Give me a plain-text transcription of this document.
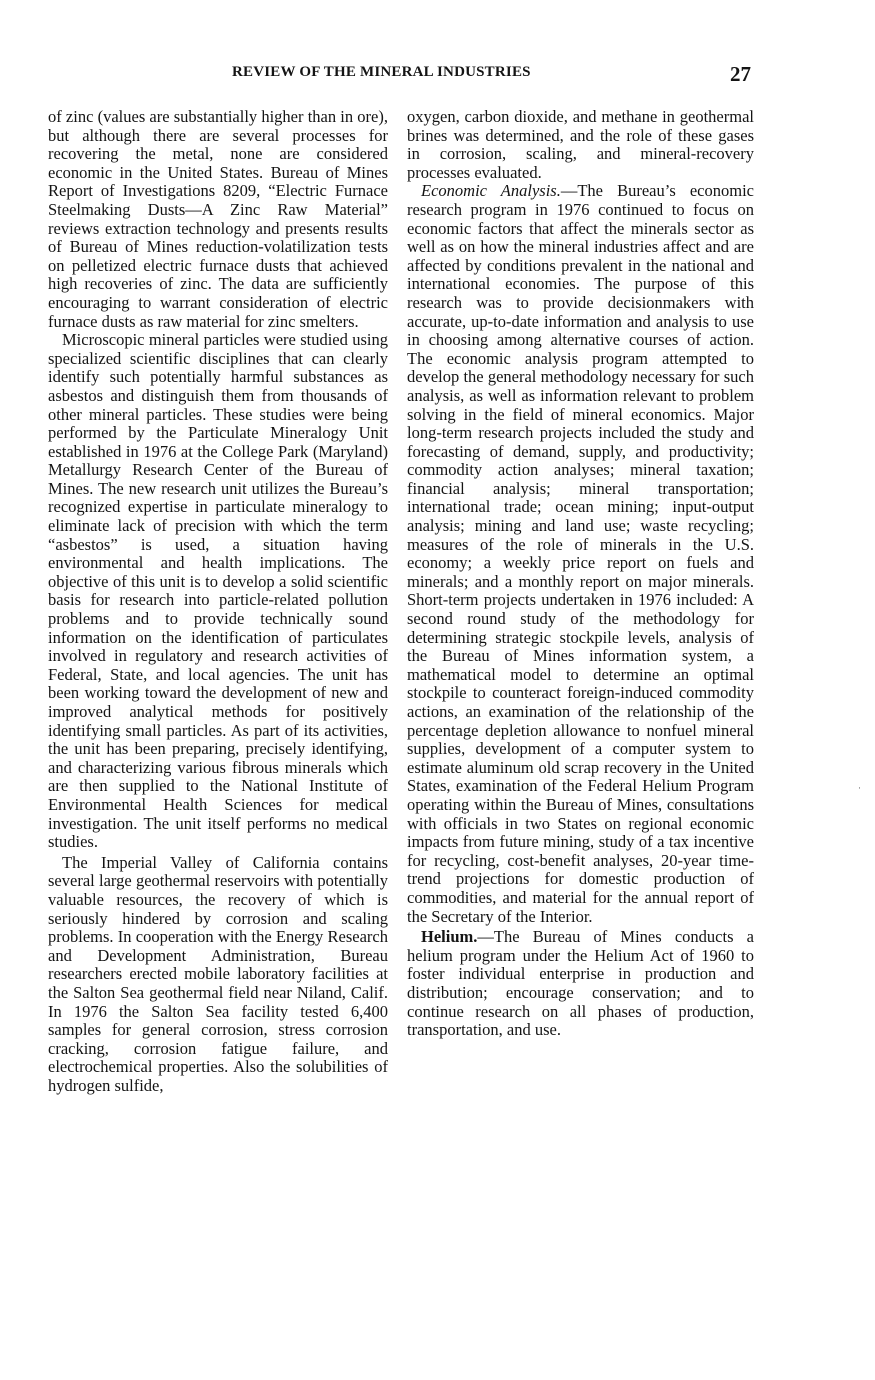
REVIEW OF THE MINERAL INDUSTRIES	27

of zinc (values are substantially higher than in ore), but although there are several processes for recovering the metal, none are considered economic in the United States. Bureau of Mines Report of Investigations 8209, “Electric Furnace Steelmaking Dusts—A Zinc Raw Material” reviews extraction technology and presents results of Bureau of Mines reduction-volatilization tests on pelletized electric furnace dusts that achieved high recoveries of zinc. The data are sufficiently encouraging to warrant consideration of electric furnace dusts as raw material for zinc smelters.

Microscopic mineral particles were studied using specialized scientific disciplines that can clearly identify such potentially harmful substances as asbestos and distinguish them from thousands of other mineral particles. These studies were being performed by the Particulate Mineralogy Unit established in 1976 at the College Park (Maryland) Metallurgy Research Center of the Bureau of Mines. The new research unit utilizes the Bureau’s recognized expertise in particulate mineralogy to eliminate lack of precision with which the term “asbestos” is used, a situation having environmental and health implications. The objective of this unit is to develop a solid scientific basis for research into particle-related pollution problems and to provide technically sound information on the identification of particulates involved in regulatory and research activities of Federal, State, and local agencies. The unit has been working toward the development of new and improved analytical methods for positively identifying small particles. As part of its activities, the unit has been preparing, precisely identifying, and characterizing various fibrous minerals which are then supplied to the National Institute of Environmental Health Sciences for medical investigation. The unit itself performs no medical studies.

The Imperial Valley of California contains several large geothermal reservoirs with potentially valuable resources, the recovery of which is seriously hindered by corrosion and scaling problems. In cooperation with the Energy Research and Development Administration, Bureau researchers erected mobile laboratory facilities at the Salton Sea geothermal field near Niland, Calif. In 1976 the Salton Sea facility tested 6,400 samples for general corrosion, stress corrosion cracking, corrosion fatigue failure, and electrochemical properties. Also the solubilities of hydrogen sulfide,

oxygen, carbon dioxide, and methane in geothermal brines was determined, and the role of these gases in corrosion, scaling, and mineral-recovery processes evaluated.

Economic Analysis.—The Bureau’s economic research program in 1976 continued to focus on economic factors that affect the minerals sector as well as on how the mineral industries affect and are affected by conditions prevalent in the national and international economies. The purpose of this research was to provide decisionmakers with accurate, up-to-date information and analysis to use in choosing among alternative courses of action. The economic analysis program attempted to develop the general methodology necessary for such analysis, as well as information relevant to problem solving in the field of mineral economics. Major long-term research projects included the study and forecasting of demand, supply, and productivity; commodity action analyses; mineral taxation; financial analysis; mineral transportation; international trade; ocean mining; input-output analysis; mining and land use; waste recycling; measures of the role of minerals in the U.S. economy; a weekly price report on fuels and minerals; and a monthly report on major minerals. Short-term projects undertaken in 1976 included: A second round study of the methodology for determining strategic stockpile levels, analysis of the Bureau of Mines information system, a mathematical model to determine an optimal stockpile to counteract foreign-induced commodity actions, an examination of the relationship of the percentage depletion allowance to nonfuel mineral supplies, development of a computer system to estimate aluminum old scrap recovery in the United States, examination of the Federal Helium Program operating within the Bureau of Mines, consultations with officials in two States on regional economic impacts from future mining, study of a tax incentive for recycling, cost-benefit analyses, 20-year time-trend projections for domestic production of commodities, and material for the annual report of the Secretary of the Interior.

Helium.—The Bureau of Mines conducts a helium program under the Helium Act of 1960 to foster individual enterprise in production and distribution; encourage conservation; and to continue research on all phases of production, transportation, and use.

·
